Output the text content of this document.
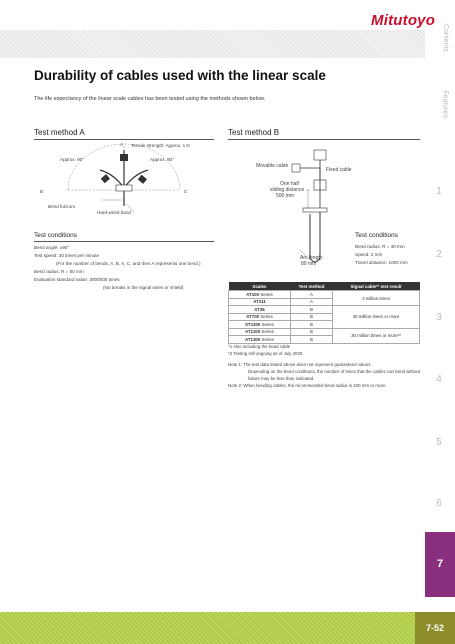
Mitutoyo
Contents
Features
1
2
3
4
5
6
7
Durability of cables used with the linear scale
The life expectancy of the linear scale cables has been tested using the methods shown below.
Test method A
A Tensile strength: Approx. 1 N
Approx. 90°	Approx. 90°
B	C
Bend fulcrum
Hard-wired band
Test conditions
Bend angle: ±90°
Test speed: 30 times per minute
(For the number of bends, A, B, A, C, and then A represents one bend.)
Bend radius: R = 50 mm
Evaluation standard value: 3000000 times
(No breaks in the signal wires or shield)
Test method B
Movable cable
Fixed cable
One half
sliding distance
500 mm
Arc length
80 mm
Test conditions
Bend radius: R = 40 mm
Speed: 2 m/s
Travel distance: 1000 mm
Scales	Test method	Signal cable*¹ test result
AT100 Series	A	3 million times
AT211	A	
ST36	B	40 million times or more
ST700 Series	B	
ST1300 Series	B	
AT1100 Series	B	30 million times or more*²
AT1300 Series	B	
*1 Also including the head cable
*2 Testing still ongoing as of July 2020
Note 1: The test data stated above does not represent guaranteed values.
Depending on the bend conditions, the number of times that the cables can bend without
failure may be less than indicated.
Note 2: When bending cables, the recommended bend radius is 100 mm or more.
7-52
